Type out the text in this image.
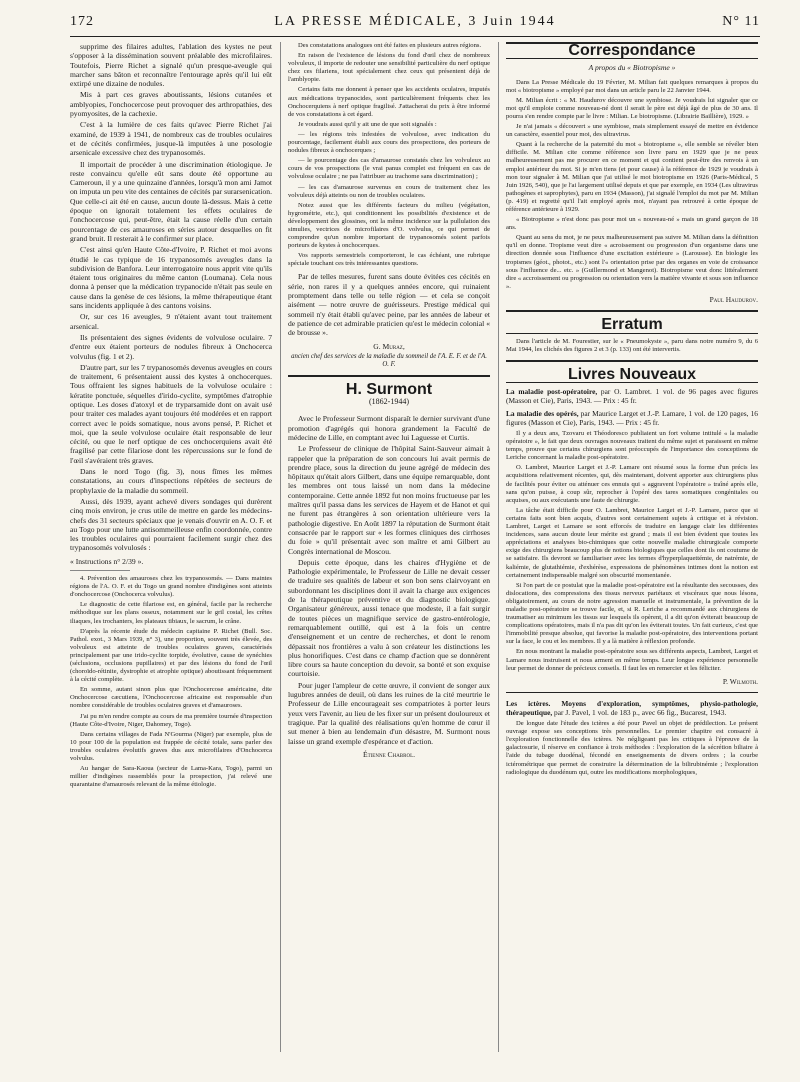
172	LA PRESSE MÉDICALE, 3 Juin 1944	N° 11

supprime des filaires adultes, l'ablation des kystes ne peut s'opposer à la dissémination souvent préalable des microfilaires. Toutefois, Pierre Richet a signalé qu'un presque-aveugle qui marcher sans bâton et reconnaître l'entourage après qu'il lui eût extirpé une dizaine de nodules.

Mis à part ces graves aboutissants, lésions cutanées et amblyopies, l'onchocercose peut provoquer des arthropathies, des pyomyosites, de la cachexie.

C'est à la lumière de ces faits qu'avec Pierre Richet j'ai examiné, de 1939 à 1941, de nombreux cas de troubles oculaires et de cécités confirmées, jusque-là imputées à une posologie arsenicale excessive chez des trypanosomés.

Il importait de procéder à une discrimination étiologique. Je reste convaincu qu'elle eût sans doute été opportune au Cameroun, il y a une quinzaine d'années, lorsqu'à mon ami Jamot on imputa un peu vite des centaines de cécités par surarsenication. Que celle-ci ait été en cause, aucun doute là-dessus. Mais à cette époque on ignorait totalement les effets oculaires de l'onchocercose qui, peut-être, était la cause réelle d'un certain pourcentage de ces amauroses en séries autour desquelles on fit grand bruit. Il resterait à le confirmer sur place.

C'est ainsi qu'en Haute Côte-d'Ivoire, P. Richet et moi avons étudié le cas typique de 16 trypanosomés aveugles dans la subdivision de Banfora. Leur interrogatoire nous apprit vite qu'ils étaient tous originaires du même canton (Loumana). Cela nous donna à penser que la médication trypanocide n'était pas seule en cause dans la genèse de ces lésions, la même thérapeutique étant sans incidents appliquée à des cantons voisins.

Or, sur ces 16 aveugles, 9 n'étaient avant tout traitement arsenical.

Ils présentaient des signes évidents de volvulose oculaire. 7 d'entre eux étaient porteurs de nodules fibreux à Onchocerca volvulus (fig. 1 et 2).

D'autre part, sur les 7 trypanosomés devenus aveugles en cours de traitement, 6 présentaient aussi des kystes à onchocerques. Tous offraient les signes habituels de la volvulose oculaire : kératite ponctuée, séquelles d'irido-cyclite, symptômes d'atrophie optique. Les doses d'atoxyl et de tryparsamide dont on avait usé pour traiter ces malades ayant toujours été modérées et en rapport correct avec le poids somatique, nous avons pensé, P. Richet et moi, que la seule volvulose oculaire était responsable de leur cécité, ou que le nerf optique de ces onchocerquiens avait été fragilisé par cette filariose dont les répercussions sur le fond de l'œil s'avéraient très graves.

Dans le nord Togo (fig. 3), nous fîmes les mêmes constatations, au cours d'inspections répétées de secteurs de prophylaxie de la maladie du sommeil.

Aussi, dès 1939, ayant achevé divers sondages qui durèrent cinq mois environ, je crus utile de mettre en garde les médecins-chefs des 31 secteurs spéciaux que je venais d'ouvrir en A. O. F. et au Togo pour une lutte antisommeilleuse enfin coordonnée, contre les troubles oculaires qui pourraient facilement surgir chez des trypanosomés volvulosés :

« Instructions n° 2/39 ».

4. Prévention des amauroses chez les trypanosomés. — Dans maintes régions de l'A. O. F. et du Togo un grand nombre d'indigènes sont atteints d'onchocercose (Onchocerca volvulus).

Le diagnostic de cette filariose est, en général, facile par la recherche méthodique sur les plans osseux, notamment sur le gril costal, les crêtes iliaques, les trochanters, les plateaux tibiaux, le sacrum, le crâne.

D'après la récente étude du médecin capitaine P. Richet (Bull. Soc. Pathol. exot., 3 Mars 1939, n° 3), une proportion, souvent très élevée, des volvuleux est atteinte de troubles oculaires graves, caractérisés principalement par une irido-cyclite torpide, évolutive, cause de synéchies (séclusions, occlusions pupillaires) et par des lésions du fond de l'œil (choroïdo-rétinite, dystrophie et atrophie optique) aboutissant fréquemment à la cécité complète.

En somme, autant sinon plus que l'Onchocercose américaine, dite Onchocercose cæcutiens, l'Onchocercose africaine est responsable d'un nombre considérable de troubles oculaires graves et d'amauroses.

J'ai pu m'en rendre compte au cours de ma première tournée d'inspection (Haute Côte-d'Ivoire, Niger, Dahomey, Togo).

Dans certains villages de Fada N'Gourma (Niger) par exemple, plus de 10 pour 100 de la population est frappée de cécité totale, sans parler des troubles oculaires évolutifs graves dus aux microfilaires d'Onchocerca volvulus.

Au hangar de Sara-Kaoua (secteur de Lama-Kara, Togo), parmi un millier d'indigènes rassemblés pour la prospection, j'ai relevé une quarantaine d'amaurosés relevant de la même étiologie.

Des constatations analogues ont été faites en plusieurs autres régions.

En raison de l'existence de lésions du fond d'œil chez de nombreux volvuleux, il importe de redouter une sensibilité particulière du nerf optique chez ces filariens, tout spécialement chez ceux qui présentent déjà de l'amblyopie.

Certains faits me donnent à penser que les accidents oculaires, imputés aux médications trypanocides, sont particulièrement fréquents chez les Onchocerquiens à nerf optique fragilisé. J'attacherai du prix à être informé de vos constatations à cet égard.

Je voudrais aussi qu'il y ait une de que soit signalés :

— les régions très infestées de volvulose, avec indication du pourcentage, facilement établi aux cours des prospections, des porteurs de nodules fibreux à onchocerques ;

— le pourcentage des cas d'amaurose constatés chez les volvuleux au cours de vos prospections (le vrai panus complet est fréquent en cas de volvulose oculaire ; ne pas l'attribuer au trachome sans discrimination) ;

— les cas d'amaurose survenus en cours de traitement chez les volvuleux déjà atteints ou non de troubles oculaires.

Notez aussi que les différents facteurs du milieu (végétation, hygrométrie, etc.), qui conditionnent les possibilités d'existence et de développement des glossines, ont la même incidence sur la pullulation des simulies, vectrices de microfilaires d'O. volvulus, ce qui permet de comprendre qu'un nombre important de trypanosomés soient parfois porteurs de kystes à onchocerques.

Vos rapports semestriels comporteront, le cas échéant, une rubrique spéciale touchant ces très intéressantes questions.

Par de telles mesures, furent sans doute évitées ces cécités en série, non rares il y a quelques années encore, qui ruinaient promptement dans telle ou telle région — et cela se conçoit aisément — notre œuvre de guérisseurs. Prestige médical qui sommeil n'y était établi qu'avec peine, par les années de labeur et de patience de cet admirable praticien qu'est le médecin colonial « de brousse ».

G. Muraz,
ancien chef des services de la maladie du sommeil de l'A. E. F. et de l'A. O. F.
H. Surmont
(1862-1944)

Avec le Professeur Surmont disparaît le dernier survivant d'une promotion d'agrégés qui honora grandement la Faculté de médecine de Lille, en comptant avec lui Laguesse et Curtis.

Le Professeur de clinique de l'hôpital Saint-Sauveur aimait à rappeler que la préparation de son concours lui avait permis de prendre place, sous la direction du jeune agrégé de médecin des hôpitaux qu'était alors Gilbert, dans une équipe remarquable, dont les membres ont tous laissé un nom dans la médecine contemporaine. Cette année 1892 fut non moins fructueuse par les maîtres qu'il passa dans les services de Hayem et de Hanot et qui ne furent pas étrangères à son orientation ultérieure vers la pathologie digestive. En Août 1897 la réputation de Surmont était consacrée par le rapport sur « les formes cliniques des cirrhoses du foie » qu'il présentait avec son maître et ami Gilbert au Congrès international de Moscou.

Depuis cette époque, dans les chaires d'Hygiène et de Pathologie expérimentale, le Professeur de Lille ne devait cesser de traduire ses qualités de labeur et son bon sens clairvoyant en subordonnant les disciplines dont il avait la charge aux exigences de la thérapeutique préventive et du diagnostic biologique. Organisateur généreux, aussi tenace que modeste, il a fait surgir de toutes pièces un magnifique service de gastro-entérologie, remarquablement outillé, qui est à la fois un centre d'enseignement et un centre de recherches, et dont le renom dépassait nos frontières a valu à son créateur les distinctions les plus honorifiques. C'est dans ce champ d'action que se donnèrent libre cours sa haute conception du devoir, sa bonté et son exquise courtoisie.

Pour juger l'ampleur de cette œuvre, il convient de songer aux lugubres années de deuil, où dans les ruines de la cité meurtrie le Professeur de Lille encourageait ses compatriotes à porter leurs yeux vers l'avenir, au lieu de les fixer sur un présent douloureux et tragique. Par la qualité des réalisations qu'en homme de cœur il sut mener à bien au lendemain d'un désastre, M. Surmont nous laisse un grand exemple d'espérance et d'action.

Étienne Chabrol.
Correspondance
A propos du « Biotropisme »

Dans La Presse Médicale du 19 Février, M. Milian fait quelques remarques à propos du mot « biotropisme » employé par moi dans un article paru le 22 Janvier 1944.

M. Milian écrit : « M. Haudurov découvre une symbiose. Je voudrais lui signaler que ce mot qu'il emploie comme nouveau-né dont il serait le père est déjà âgé de plus de 30 ans. Il pourra s'en rendre compte par le livre : Milian. Le biotropisme. (Librairie Baillière), 1929. »

Je n'ai jamais « découvert » une symbiose, mais simplement essayé de mettre en évidence un caractère, essentiel pour moi, des ultravirus.

Quant à la recherche de la paternité du mot « biotropisme », elle semble se révéler bien difficile. M. Milian cite comme référence son livre paru en 1929 que je ne peux malheureusement pas me procurer en ce moment et qui contient peut-être des renvois à un emploi antérieur du mot. Si je m'en tiens (et pour cause) à la référence de 1929 je voudrais à mon tour signaler à M. Milian que j'ai utilisé le mot biotropisme en 1926 (Paris-Médical, 5 Juin 1926, 540), que je l'ai largement utilisé depuis et que par exemple, en 1934 (Les ultravirus pathogènes et saprophytes), paru en 1934 (Masson), j'ai signalé l'emploi du mot par M. Milian (p. 419) et regretté qu'il l'ait employé après moi, n'ayant pas retrouvé à cette époque de référence antérieure à 1929.

« Biotropisme » n'est donc pas pour moi un « nouveau-né » mais un grand garçon de 18 ans.

Quant au sens du mot, je ne peux malheureusement pas suivre M. Milian dans la définition qu'il en donne. Tropisme veut dire « acroissement ou progression d'un organisme dans une direction donnée sous l'influence d'une excitation extérieure » (Larousse). En biologie les tropismes (géot., photot., etc.) sont l'« orientation prise par des organes en voie de croissance sous l'influence de... etc. » (Guillermond et Mangenot). Biotropisme veut donc littéralement dire « accroissement ou progression ou orientation vers la matière vivante et sous son influence ».

Paul Haudurov.
Erratum

Dans l'article de M. Fourestier, sur le « Pneumokyste », paru dans notre numéro 9, du 6 Mai 1944, les clichés des figures 2 et 3 (p. 133) ont été intervertis.

Livres Nouveaux
La maladie post-opératoire, par O. Lambret. 1 vol. de 96 pages avec figures (Masson et Cie), Paris, 1943. — Prix : 45 fr.
La maladie des opérés, par Maurice Larget et J.-P. Lamare, 1 vol. de 120 pages, 16 figures (Masson et Cie), Paris, 1943. — Prix : 45 fr.

Il y a deux ans, Tzovaru et Théodoresco publiaient un fort volume intitulé « la maladie opératoire », le fait que deux ouvrages nouveaux traitent du même sujet et paraissent en même temps, prouve que certains chirurgiens sont préoccupés de l'importance des conceptions de Leriche concernant la maladie post-opératoire.

O. Lambret, Maurice Larget et J.-P. Lamare ont résumé sous la forme d'un précis les acquisitions relativement récentes, qui, dès maintenant, doivent apporter aux chirurgiens plus de facilités pour éviter ou atténuer ces ennuis qui « aggravent l'opératoire » traîné après elle, sans qu'on puisse, à coup sûr, reprocher à l'opéré des tares somatiques congénitales ou acquises, ou aux exécutants une faute de chirurgie.

La tâche était difficile pour O. Lambret, Maurice Larget et J.-P. Lamare, parce que si certains faits sont bien acquis, d'autres sont certainement sujets à critique et à révision. Lambret, Larget et Lamare se sont efforcés de traduire en langage clair les différentes incidences, sans aucun doute leur mérite est grand ; mais il est bien évident que toutes les appréciations et analyses bio-chimiques que cette nouvelle maladie chirurgicale comporte exige des chirurgiens beaucoup plus de notions biologiques que celles dont ils ont coutume de se satisfaire. Ils devront se familiariser avec les termes d'hyperplaquettémie, de natrémie, de kaliémie, de glutathiémie, d'exhérèse, expressions de phénomènes intimes dont la notion est certainement indispensable malgré son obscurité momentanée.

Si l'on part de ce postulat que la maladie post-opératoire est la résultante des secousses, des dislocations, des compressions des tissus nerveux pariétaux et viscéraux que nous lésons, obligatoirement, au cours de notre agression manuelle et instrumentale, la prévention de la maladie post-opératoire se trouve facile, et, si R. Leriche a recommandé aux chirurgiens de traumatiser au minimum les tissus sur lesquels ils opèrent, il a dit qu'on éviterait beaucoup de complications opératoires, mais il n'a pas dit qu'on les éviterait toutes. Un fait curieux, c'est que l'immobilité presque absolue, qui favorise la maladie post-opératoire, des interventions portant sur la face, le cou et les membres. Il y a là matière à réflexion profonde.

En nous montrant la maladie post-opératoire sous ses différents aspects, Lambret, Larget et Lamare nous instruisent et nous arment en même temps. Leur longue expérience personnelle leur permet de donner de précieux conseils. Il faut les en remercier et les féliciter.

P. Wilmoth.
Les ictères. Moyens d'exploration, symptômes, physio-pathologie, thérapeutique, par J. Pavel, 1 vol. de 183 p., avec 66 fig., Bucarest, 1943.

De longue date l'étude des ictères a été pour Pavel un objet de prédilection. Le présent ouvrage expose ses conceptions très personnelles. Le premier chapitre est consacré à l'exploration fonctionnelle des ictères. Ne négligeant pas les critiques à l'épreuve de la galactosurie, il réserve en confiance à trois méthodes : l'exploration de la sécrétion biliaire à l'aide du tubage duodénal, fécondé en enseignements de divers ordres ; la courbe ictérométrique que permet de construire la détermination de la bilirubinémie ; l'exploration radiologique du duodénum qui, outre les modifications morphologiques,
